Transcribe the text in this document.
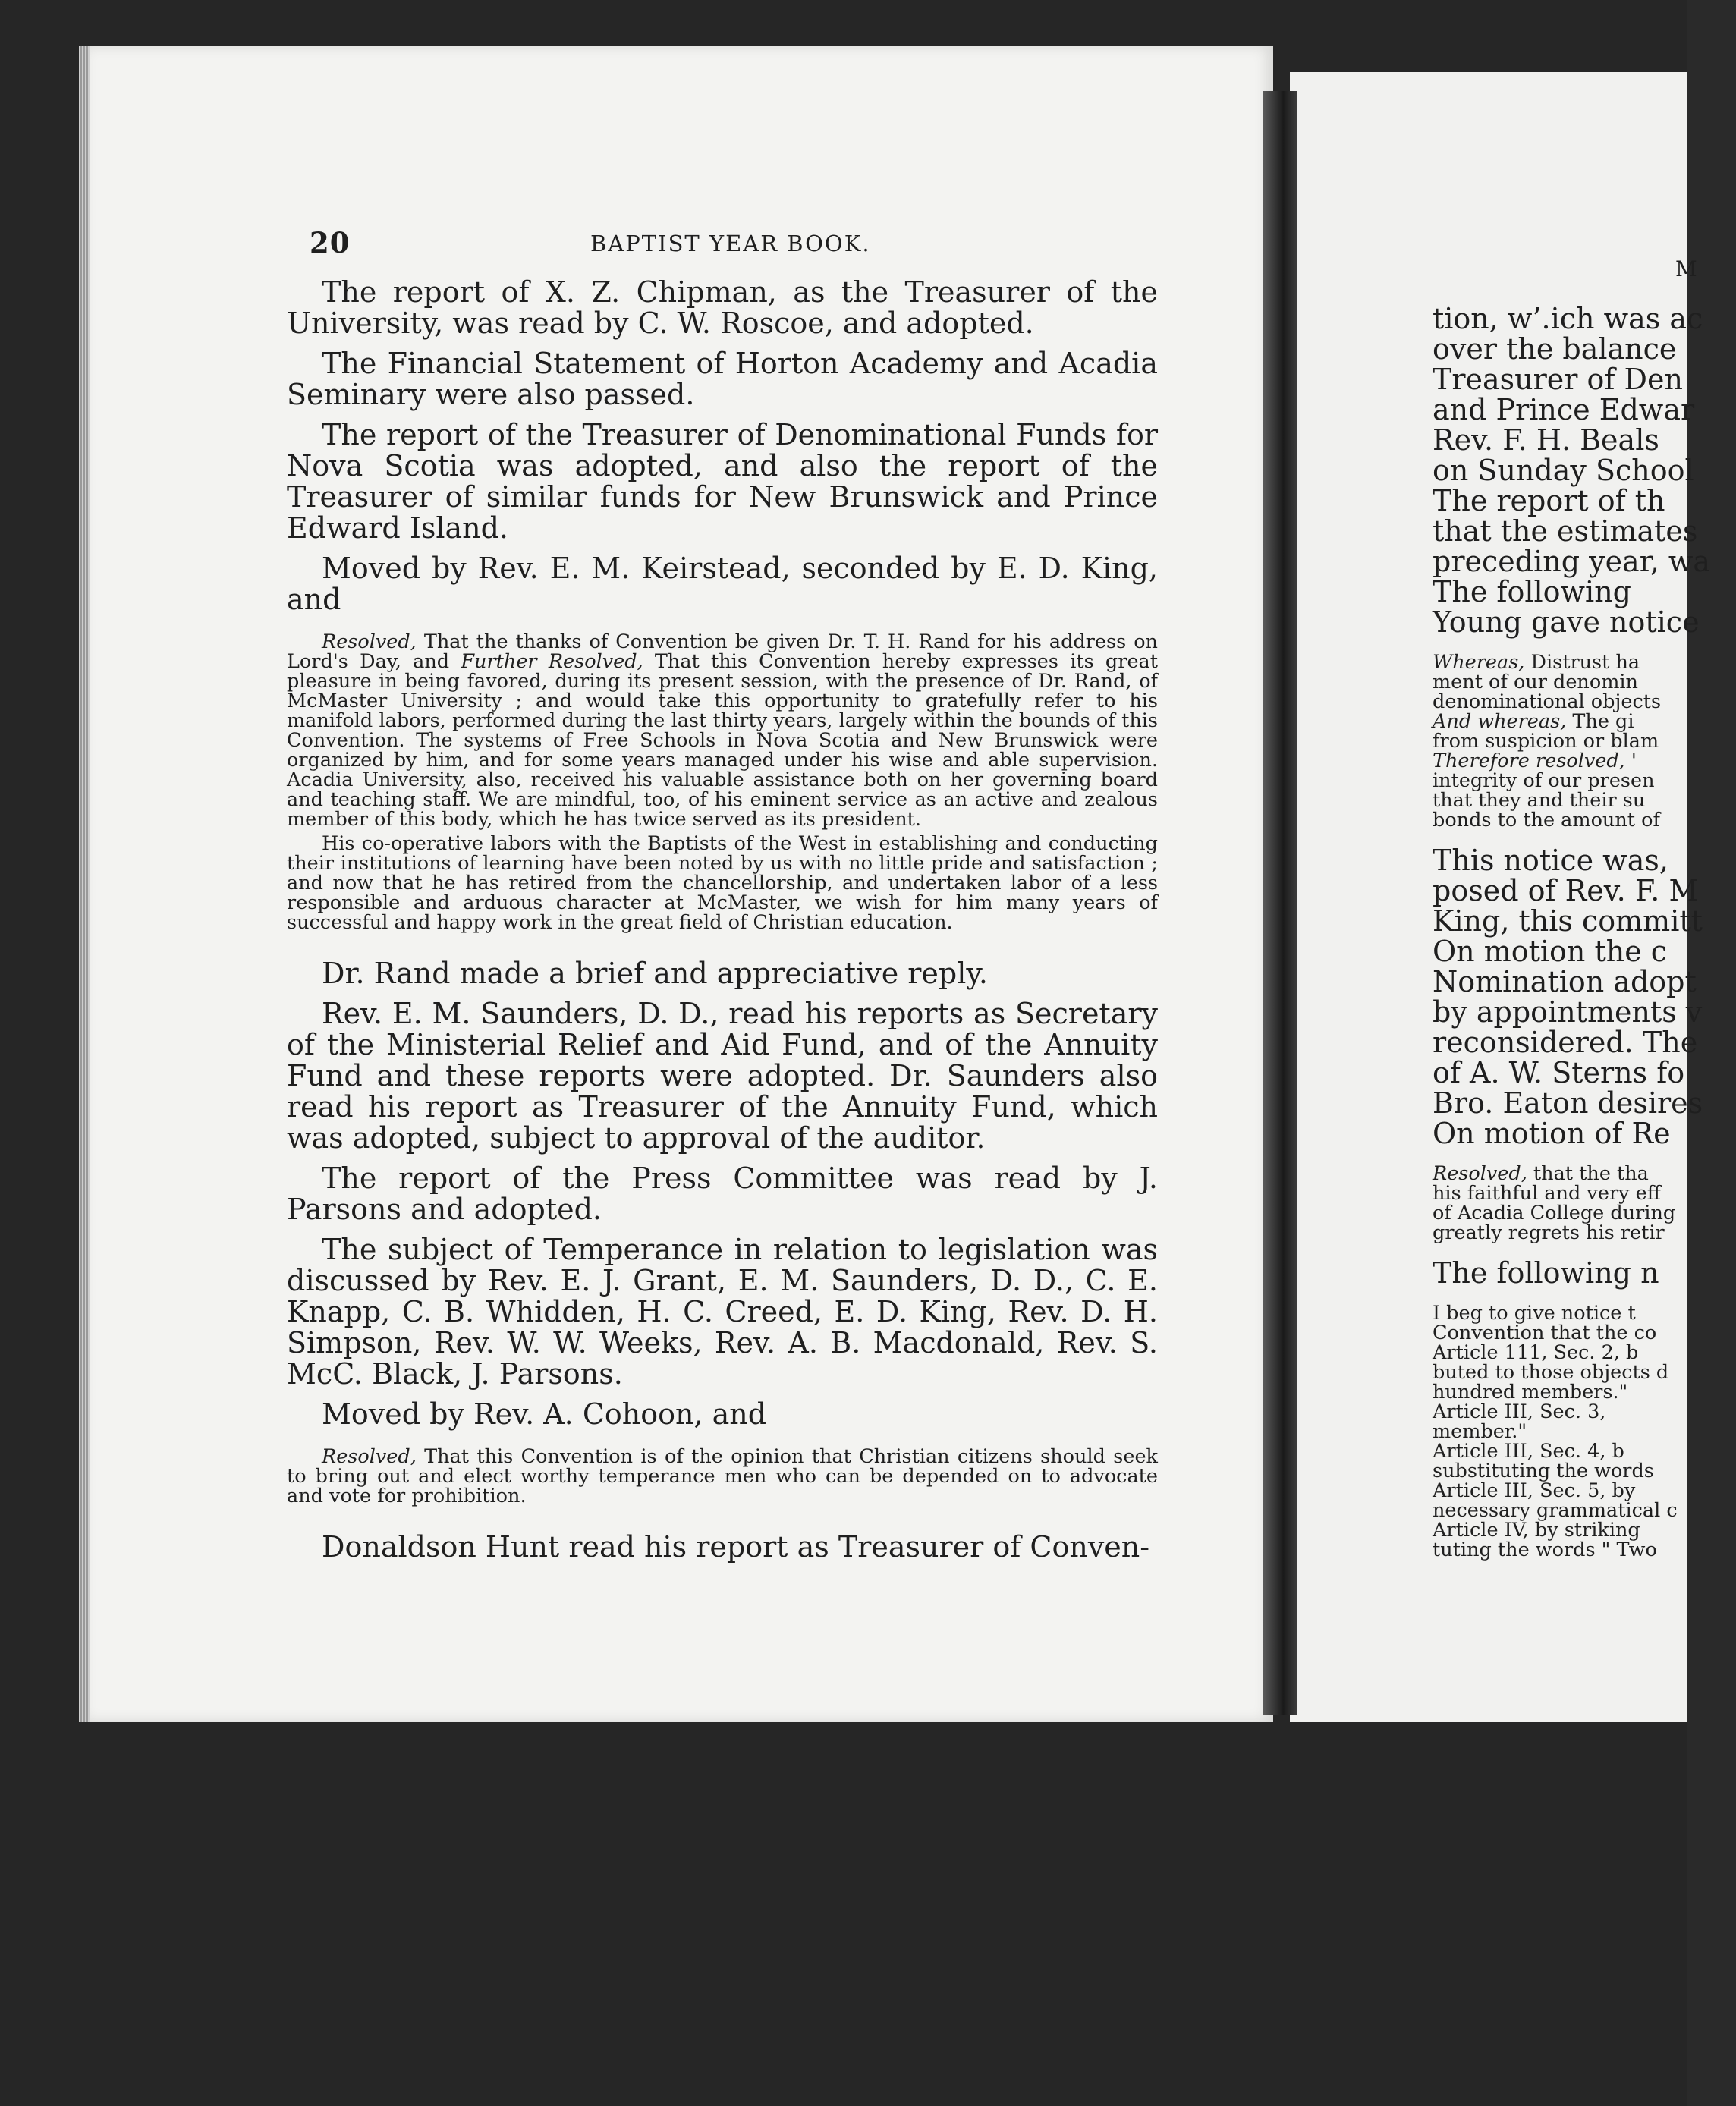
20	BAPTIST YEAR BOOK.

The report of X. Z. Chipman, as the Treasurer of the University, was read by C. W. Roscoe, and adopted.

The Financial Statement of Horton Academy and Acadia Seminary were also passed.

The report of the Treasurer of Denominational Funds for Nova Scotia was adopted, and also the report of the Treasurer of similar funds for New Brunswick and Prince Edward Island.

Moved by Rev. E. M. Keirstead, seconded by E. D. King, and

Resolved, That the thanks of Convention be given Dr. T. H. Rand for his address on Lord's Day, and Further Resolved, That this Convention hereby expresses its great pleasure in being favored, during its present session, with the presence of Dr. Rand, of McMaster University ; and would take this opportunity to gratefully refer to his manifold labors, performed during the last thirty years, largely within the bounds of this Convention. The systems of Free Schools in Nova Scotia and New Brunswick were organized by him, and for some years managed under his wise and able supervision. Acadia University, also, received his valuable assistance both on her governing board and teaching staff. We are mindful, too, of his eminent service as an active and zealous member of this body, which he has twice served as its president.

His co-operative labors with the Baptists of the West in establishing and conducting their institutions of learning have been noted by us with no little pride and satisfaction ; and now that he has retired from the chancellorship, and undertaken labor of a less responsible and arduous character at McMaster, we wish for him many years of successful and happy work in the great field of Christian education.

Dr. Rand made a brief and appreciative reply.

Rev. E. M. Saunders, D. D., read his reports as Secretary of the Ministerial Relief and Aid Fund, and of the Annuity Fund and these reports were adopted. Dr. Saunders also read his report as Treasurer of the Annuity Fund, which was adopted, subject to approval of the auditor.

The report of the Press Committee was read by J. Parsons and adopted.

The subject of Temperance in relation to legislation was discussed by Rev. E. J. Grant, E. M. Saunders, D. D., C. E. Knapp, C. B. Whidden, H. C. Creed, E. D. King, Rev. D. H. Simpson, Rev. W. W. Weeks, Rev. A. B. Macdonald, Rev. S. McC. Black, J. Parsons.

Moved by Rev. A. Cohoon, and

Resolved, That this Convention is of the opinion that Christian citizens should seek to bring out and elect worthy temperance men who can be depended on to advocate and vote for prohibition.

Donaldson Hunt read his report as Treasurer of Conven-

M

tion, w’.ich was ac

over the balance

Treasurer of Den

and Prince Edwar

Rev. F. H. Beals

on Sunday School

The report of th

that the estimates

preceding year, wa

The following

Young gave notice

Whereas, Distrust ha

ment of our denomin

denominational objects

And whereas, The gi

from suspicion or blam

Therefore resolved, '

integrity of our presen

that they and their su

bonds to the amount of

This notice was,

posed of Rev. F. M

King, this committ

On motion the c

Nomination adopt

by appointments v

reconsidered. The

of A. W. Sterns fo

Bro. Eaton desires

On motion of Re

Resolved, that the tha

his faithful and very eff

of Acadia College during

greatly regrets his retir

The following n

I beg to give notice t

Convention that the co

Article 111, Sec. 2, b

buted to those objects d

hundred members."

Article III, Sec. 3,

member."

Article III, Sec. 4, b

substituting the words

Article III, Sec. 5, by

necessary grammatical c

Article IV, by striking

tuting the words " Two
